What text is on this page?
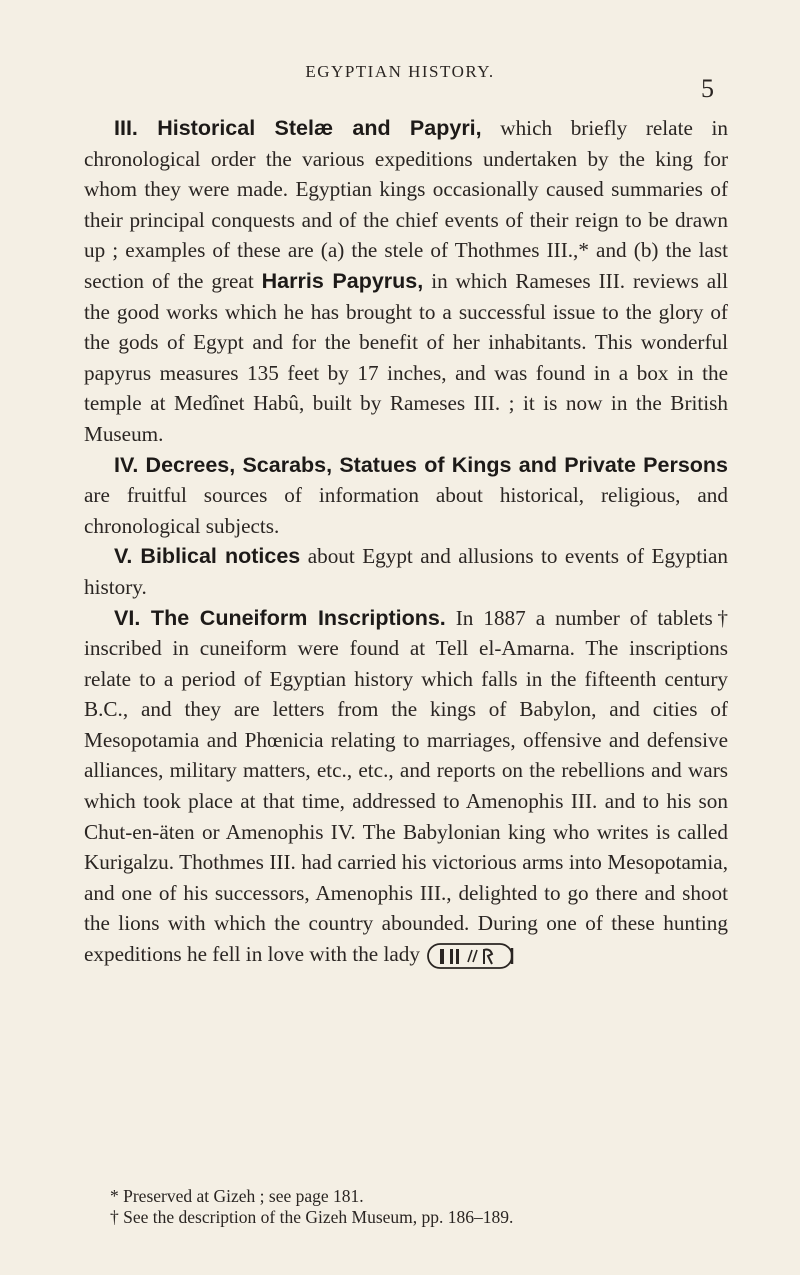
EGYPTIAN HISTORY.
5

III. Historical Stelæ and Papyri, which briefly relate in chronological order the various expeditions undertaken by the king for whom they were made. Egyptian kings occasionally caused summaries of their principal conquests and of the chief events of their reign to be drawn up ; examples of these are (a) the stele of Thothmes III.,* and (b) the last section of the great Harris Papyrus, in which Rameses III. reviews all the good works which he has brought to a successful issue to the glory of the gods of Egypt and for the benefit of her inhabitants. This wonderful papyrus measures 135 feet by 17 inches, and was found in a box in the temple at Medînet Habû, built by Rameses III. ; it is now in the British Museum.

IV. Decrees, Scarabs, Statues of Kings and Private Persons are fruitful sources of information about historical, religious, and chronological subjects.

V. Biblical notices about Egypt and allusions to events of Egyptian history.

VI. The Cuneiform Inscriptions. In 1887 a number of tablets† inscribed in cuneiform were found at Tell el-Amarna. The inscriptions relate to a period of Egyptian history which falls in the fifteenth century B.C., and they are letters from the kings of Babylon, and cities of Mesopotamia and Phœnicia relating to marriages, offensive and defensive alliances, military matters, etc., etc., and reports on the rebellions and wars which took place at that time, addressed to Amenophis III. and to his son Chut-en-äten or Amenophis IV. The Babylonian king who writes is called Kurigalzu. Thothmes III. had carried his victorious arms into Mesopotamia, and one of his successors, Amenophis III., delighted to go there and shoot the lions with which the country abounded. During one of these hunting expeditions he fell in love with the lady

* Preserved at Gizeh ; see page 181.

† See the description of the Gizeh Museum, pp. 186–189.
